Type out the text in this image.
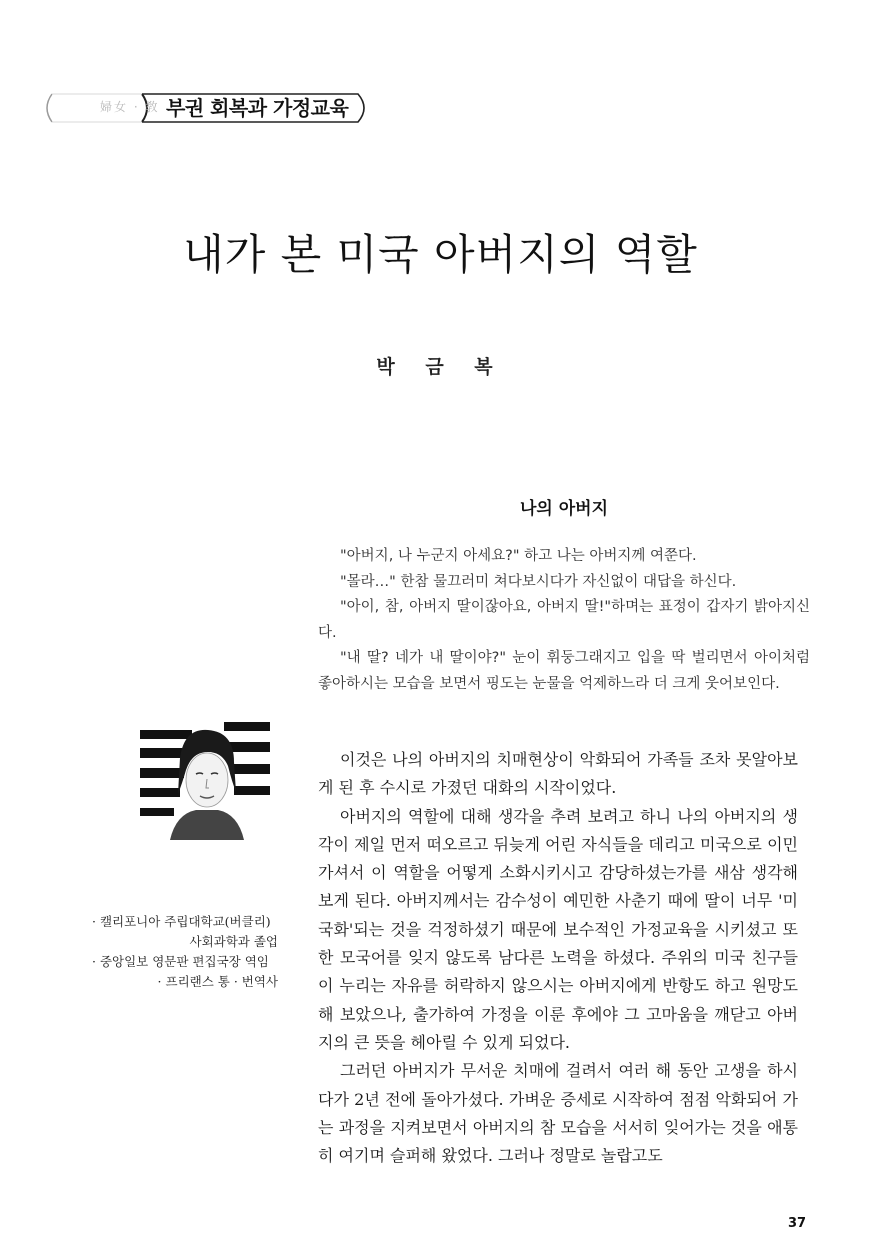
婦女 · 敎 부권 회복과 가정교육
내가 본 미국 아버지의 역할
박 금 복
나의 아버지

"아버지, 나 누군지 아세요?" 하고 나는 아버지께 여쭌다.

"몰라…" 한참 물끄러미 쳐다보시다가 자신없이 대답을 하신다.

"아이, 참, 아버지 딸이잖아요, 아버지 딸!"하며는 표정이 갑자기 밝아지신다.

"내 딸? 네가 내 딸이야?" 눈이 휘둥그래지고 입을 딱 벌리면서 아이처럼 좋아하시는 모습을 보면서 핑도는 눈물을 억제하느라 더 크게 웃어보인다.

· 캘리포니아 주립대학교(버클리)
사회과학과 졸업
· 중앙일보 영문판 편집국장 역임
· 프리랜스 통 · 번역사

이것은 나의 아버지의 치매현상이 악화되어 가족들 조차 못알아보게 된 후 수시로 가졌던 대화의 시작이었다.

아버지의 역할에 대해 생각을 추려 보려고 하니 나의 아버지의 생각이 제일 먼저 떠오르고 뒤늦게 어린 자식들을 데리고 미국으로 이민가셔서 이 역할을 어떻게 소화시키시고 감당하셨는가를 새삼 생각해 보게 된다. 아버지께서는 감수성이 예민한 사춘기 때에 딸이 너무 '미국화'되는 것을 걱정하셨기 때문에 보수적인 가정교육을 시키셨고 또한 모국어를 잊지 않도록 남다른 노력을 하셨다. 주위의 미국 친구들이 누리는 자유를 허락하지 않으시는 아버지에게 반항도 하고 원망도 해 보았으나, 출가하여 가정을 이룬 후에야 그 고마움을 깨닫고 아버지의 큰 뜻을 헤아릴 수 있게 되었다.

그러던 아버지가 무서운 치매에 걸려서 여러 해 동안 고생을 하시다가 2년 전에 돌아가셨다. 가벼운 증세로 시작하여 점점 악화되어 가는 과정을 지켜보면서 아버지의 참 모습을 서서히 잊어가는 것을 애통히 여기며 슬퍼해 왔었다. 그러나 정말로 놀랍고도

37
